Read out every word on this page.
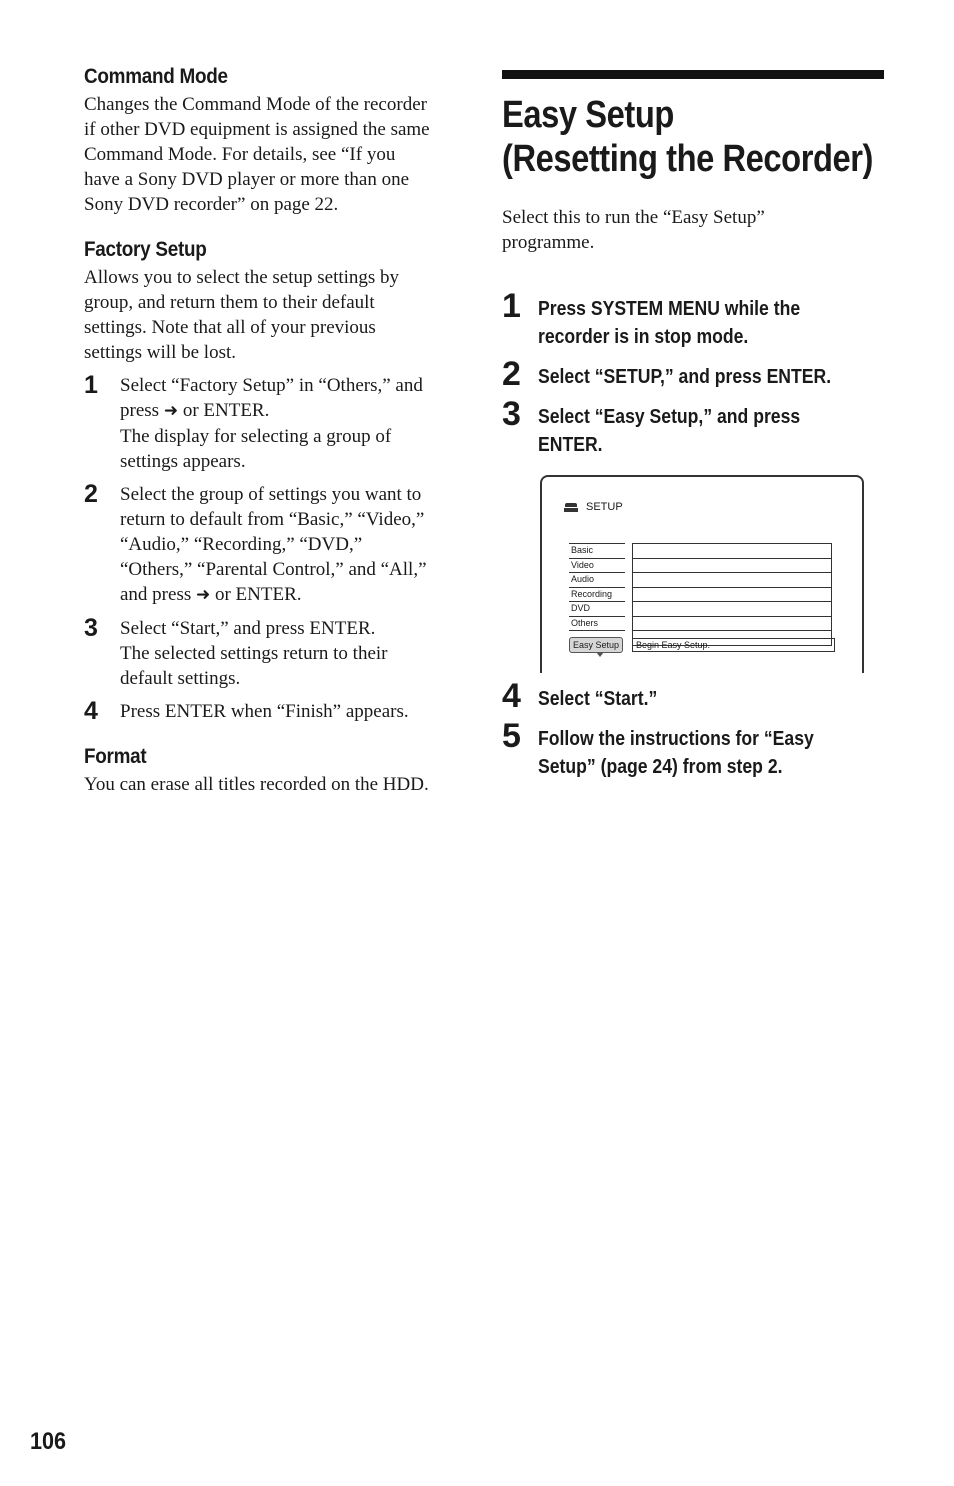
Command Mode

Changes the Command Mode of the recorder
if other DVD equipment is assigned the same
Command Mode. For details, see “If you
have a Sony DVD player or more than one
Sony DVD recorder” on page 22.

Factory Setup

Allows you to select the setup settings by
group, and return them to their default
settings. Note that all of your previous
settings will be lost.

1 Select “Factory Setup” in “Others,” and
press ➜ or ENTER.
The display for selecting a group of
settings appears.

2 Select the group of settings you want to
return to default from “Basic,” “Video,”
“Audio,” “Recording,” “DVD,”
“Others,” “Parental Control,” and “All,”
and press ➜ or ENTER.

3 Select “Start,” and press ENTER.
The selected settings return to their
default settings.

4 Press ENTER when “Finish” appears.

Format

You can erase all titles recorded on the HDD.

Easy Setup
(Resetting the Recorder)

Select this to run the “Easy Setup”
programme.

1 Press SYSTEM MENU while the
recorder is in stop mode.

2 Select “SETUP,” and press ENTER.

3 Select “Easy Setup,” and press
ENTER.

SETUP
Basic
Video
Audio
Recording
DVD
Others
Easy Setup	Begin Easy Setup.
4 Select “Start.”

5 Follow the instructions for “Easy
Setup” (page 24) from step 2.

106
